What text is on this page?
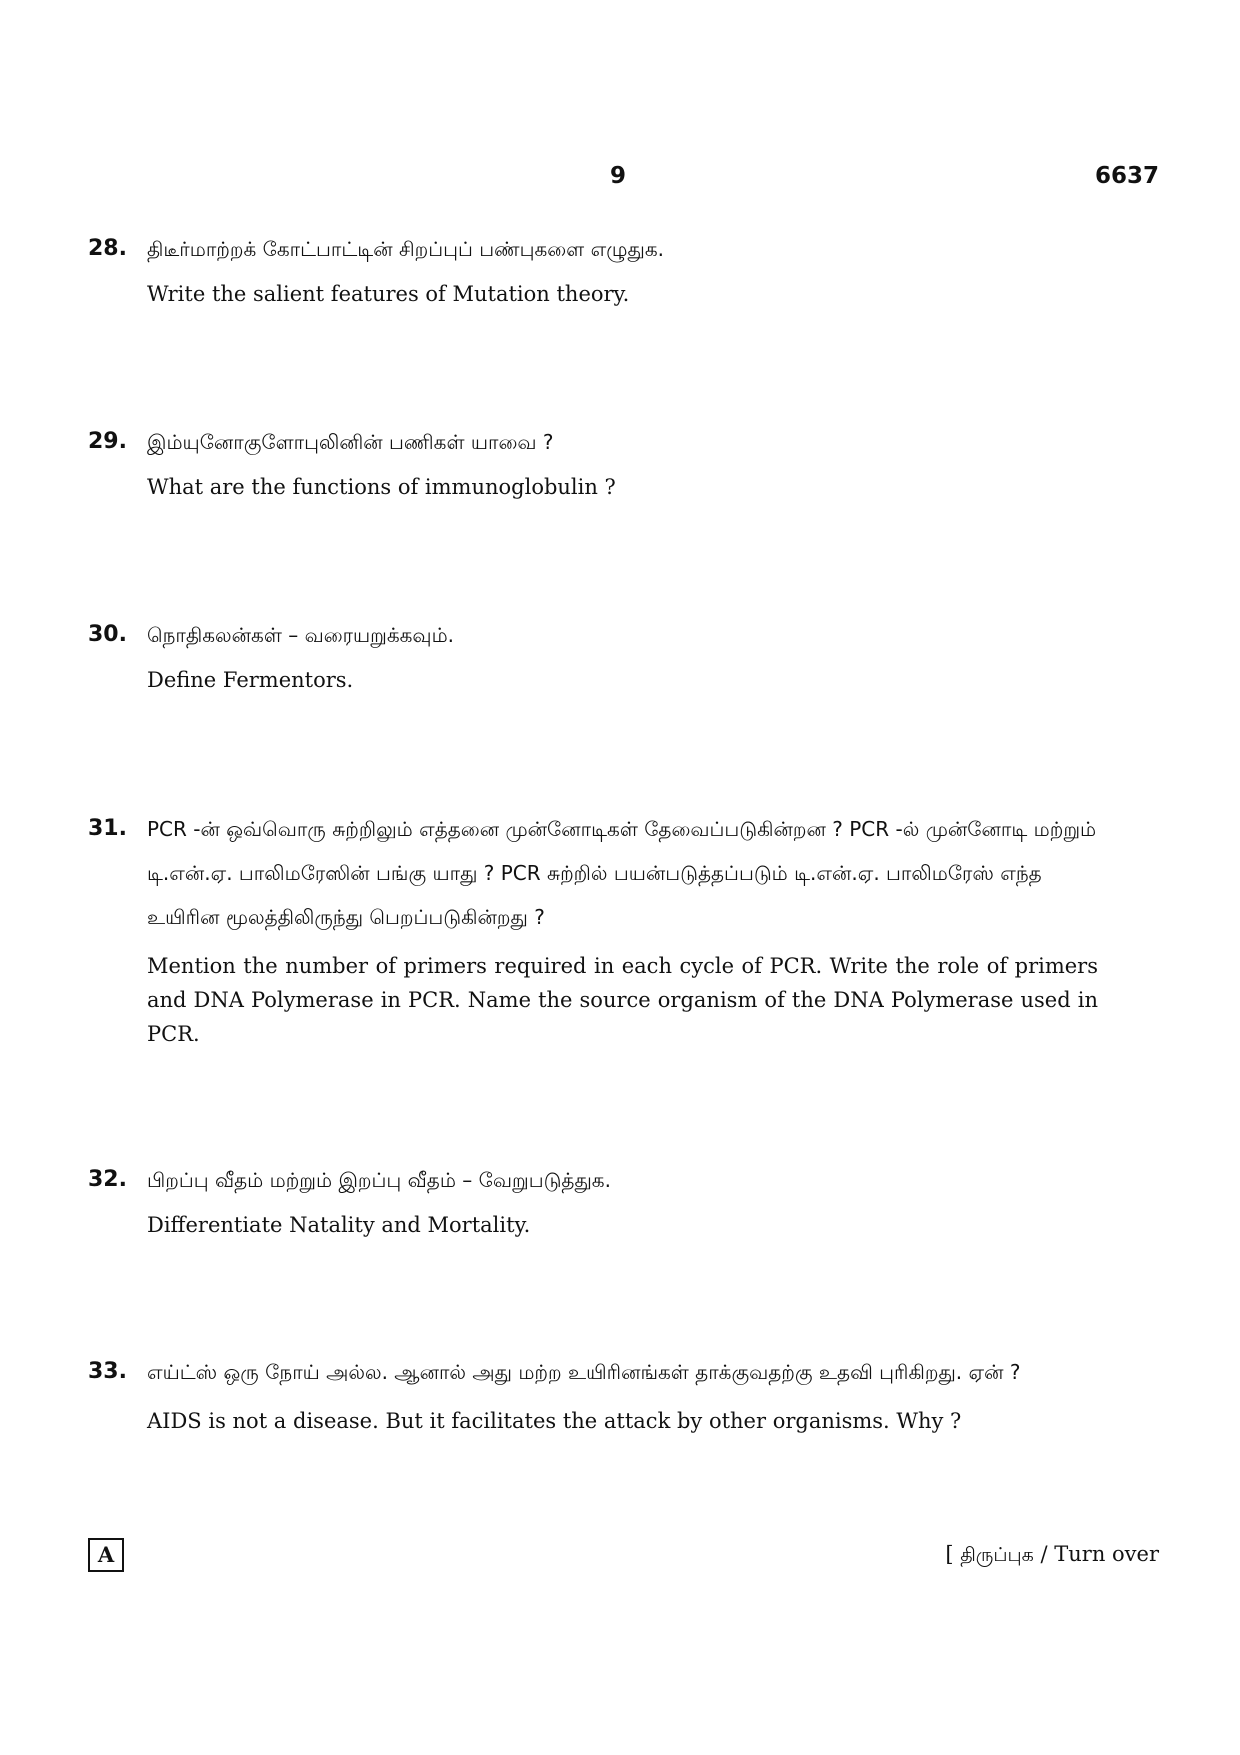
9	6637
28. திடீர்மாற்றக் கோட்பாட்டின் சிறப்புப் பண்புகளை எழுதுக.
Write the salient features of Mutation theory.
29. இம்யுனோகுளோபுலினின் பணிகள் யாவை ?
What are the functions of immunoglobulin ?
30. நொதிகலன்கள் – வரையறுக்கவும்.
Define Fermentors.
31. PCR -ன் ஒவ்வொரு சுற்றிலும் எத்தனை முன்னோடிகள் தேவைப்படுகின்றன ? PCR -ல் முன்னோடி மற்றும் டி.என்.ஏ. பாலிமரேஸின் பங்கு யாது ? PCR சுற்றில் பயன்படுத்தப்படும் டி.என்.ஏ. பாலிமரேஸ் எந்த உயிரின மூலத்திலிருந்து பெறப்படுகின்றது ?
Mention the number of primers required in each cycle of PCR. Write the role of primers and DNA Polymerase in PCR. Name the source organism of the DNA Polymerase used in PCR.
32. பிறப்பு வீதம் மற்றும் இறப்பு வீதம் – வேறுபடுத்துக.
Differentiate Natality and Mortality.
33. எய்ட்ஸ் ஒரு நோய் அல்ல. ஆனால் அது மற்ற உயிரினங்கள் தாக்குவதற்கு உதவி புரிகிறது. ஏன் ?
AIDS is not a disease. But it facilitates the attack by other organisms. Why ?
A	[ திருப்புக / Turn over
